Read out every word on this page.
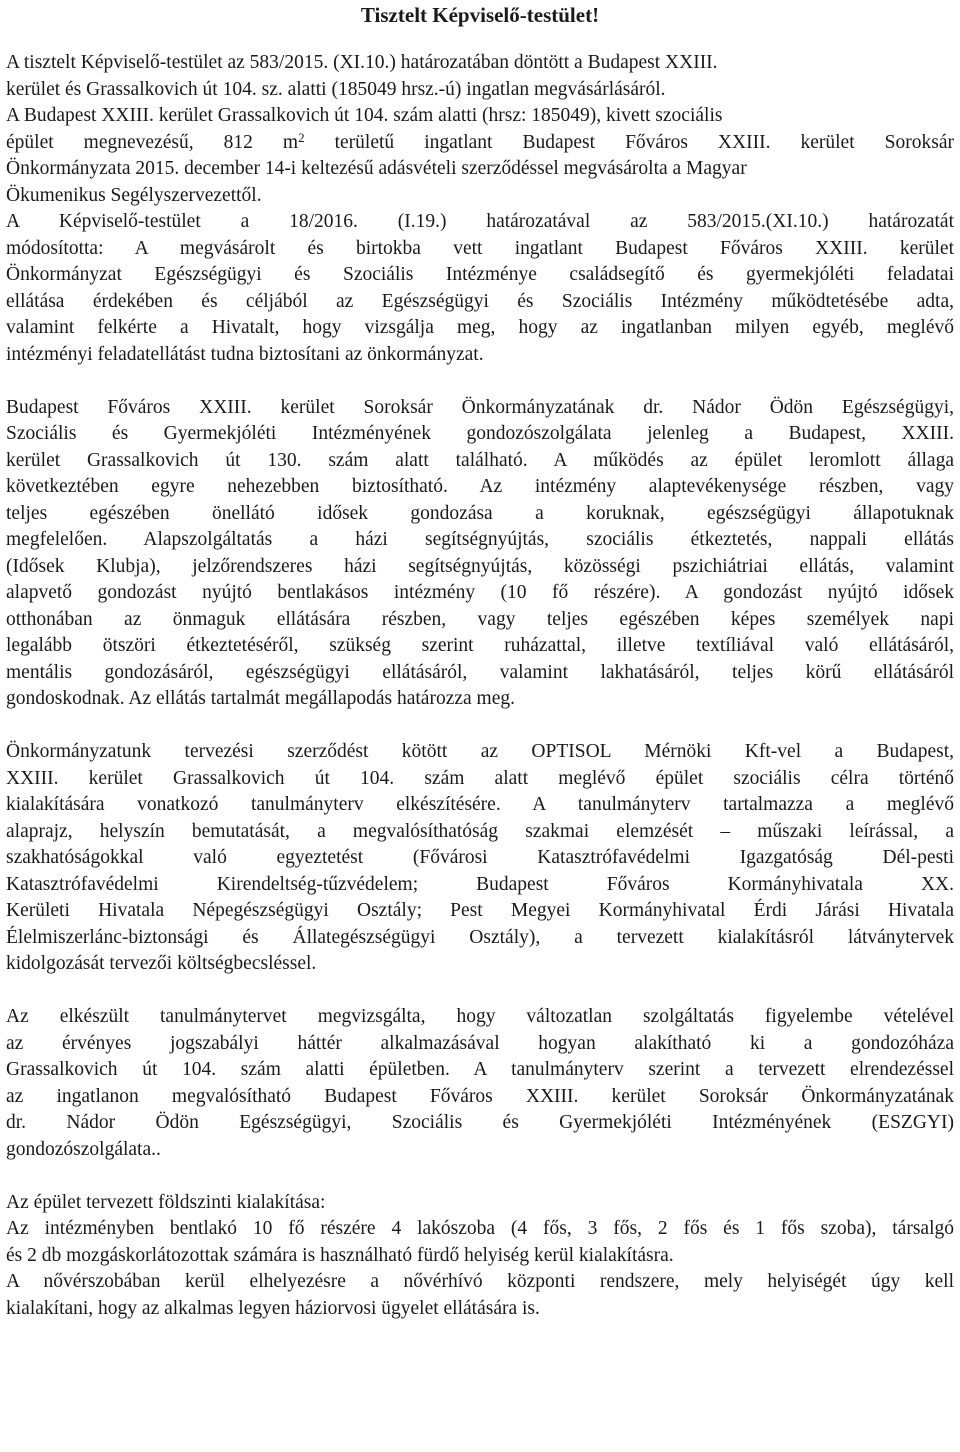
Tisztelt Képviselő-testület!
A tisztelt Képviselő-testület az 583/2015. (XI.10.) határozatában döntött a Budapest XXIII.
kerület és Grassalkovich út 104. sz. alatti (185049 hrsz.-ú) ingatlan megvásárlásáról.
A Budapest XXIII. kerület Grassalkovich út 104. szám alatti (hrsz: 185049), kivett szociális
épület megnevezésű, 812 $m^2$ területű ingatlant Budapest Főváros XXIII. kerület Soroksár
Önkormányzata 2015. december 14-i keltezésű adásvételi szerződéssel megvásárolta a Magyar
Ökumenikus Segélyszervezettől.
A Képviselő-testület a 18/2016. (I.19.) határozatával az 583/2015.(XI.10.) határozatát
módosította: A megvásárolt és birtokba vett ingatlant Budapest Főváros XXIII. kerület
Önkormányzat Egészségügyi és Szociális Intézménye családsegítő és gyermekjóléti feladatai
ellátása érdekében és céljából az Egészségügyi és Szociális Intézmény működtetésébe adta,
valamint felkérte a Hivatalt, hogy vizsgálja meg, hogy az ingatlanban milyen egyéb, meglévő
intézményi feladatellátást tudna biztosítani az önkormányzat.
Budapest Főváros XXIII. kerület Soroksár Önkormányzatának dr. Nádor Ödön Egészségügyi,
Szociális és Gyermekjóléti Intézményének gondozószolgálata jelenleg a Budapest, XXIII.
kerület Grassalkovich út 130. szám alatt található. A működés az épület leromlott állaga
következtében egyre nehezebben biztosítható. Az intézmény alaptevékenysége részben, vagy
teljes egészében önellátó idősek gondozása a koruknak, egészségügyi állapotuknak
megfelelően. Alapszolgáltatás a házi segítségnyújtás, szociális étkeztetés, nappali ellátás
(Idősek Klubja), jelzőrendszeres házi segítségnyújtás, közösségi pszichiátriai ellátás, valamint
alapvető gondozást nyújtó bentlakásos intézmény (10 fő részére). A gondozást nyújtó idősek
otthonában az önmaguk ellátására részben, vagy teljes egészében képes személyek napi
legalább ötszöri étkeztetéséről, szükség szerint ruházattal, illetve textíliával való ellátásáról,
mentális gondozásáról, egészségügyi ellátásáról, valamint lakhatásáról, teljes körű ellátásáról
gondoskodnak. Az ellátás tartalmát megállapodás határozza meg.
Önkormányzatunk tervezési szerződést kötött az OPTISOL Mérnöki Kft-vel a Budapest,
XXIII. kerület Grassalkovich út 104. szám alatt meglévő épület szociális célra történő
kialakítására vonatkozó tanulmányterv elkészítésére. A tanulmányterv tartalmazza a meglévő
alaprajz, helyszín bemutatását, a megvalósíthatóság szakmai elemzését – műszaki leírással, a
szakhatóságokkal való egyeztetést (Fővárosi Katasztrófavédelmi Igazgatóság Dél-pesti
Katasztrófavédelmi Kirendeltség-tűzvédelem; Budapest Főváros Kormányhivatala XX.
Kerületi Hivatala Népegészségügyi Osztály; Pest Megyei Kormányhivatal Érdi Járási Hivatala
Élelmiszerlánc-biztonsági és Állategészségügyi Osztály), a tervezett kialakításról látványtervek
kidolgozását tervezői költségbecsléssel.
Az elkészült tanulmánytervet megvizsgálta, hogy változatlan szolgáltatás figyelembe vételével
az érvényes jogszabályi háttér alkalmazásával hogyan alakítható ki a gondozóháza
Grassalkovich út 104. szám alatti épületben. A tanulmányterv szerint a tervezett elrendezéssel
az ingatlanon megvalósítható Budapest Főváros XXIII. kerület Soroksár Önkormányzatának
dr. Nádor Ödön Egészségügyi, Szociális és Gyermekjóléti Intézményének (ESZGYI)
gondozószolgálata..
Az épület tervezett földszinti kialakítása:
Az intézményben bentlakó 10 fő részére 4 lakószoba (4 fős, 3 fős, 2 fős és 1 fős szoba), társalgó
és 2 db mozgáskorlátozottak számára is használható fürdő helyiség kerül kialakításra.
A nővérszobában kerül elhelyezésre a nővérhívó központi rendszere, mely helyiségét úgy kell
kialakítani, hogy az alkalmas legyen háziorvosi ügyelet ellátására is.
